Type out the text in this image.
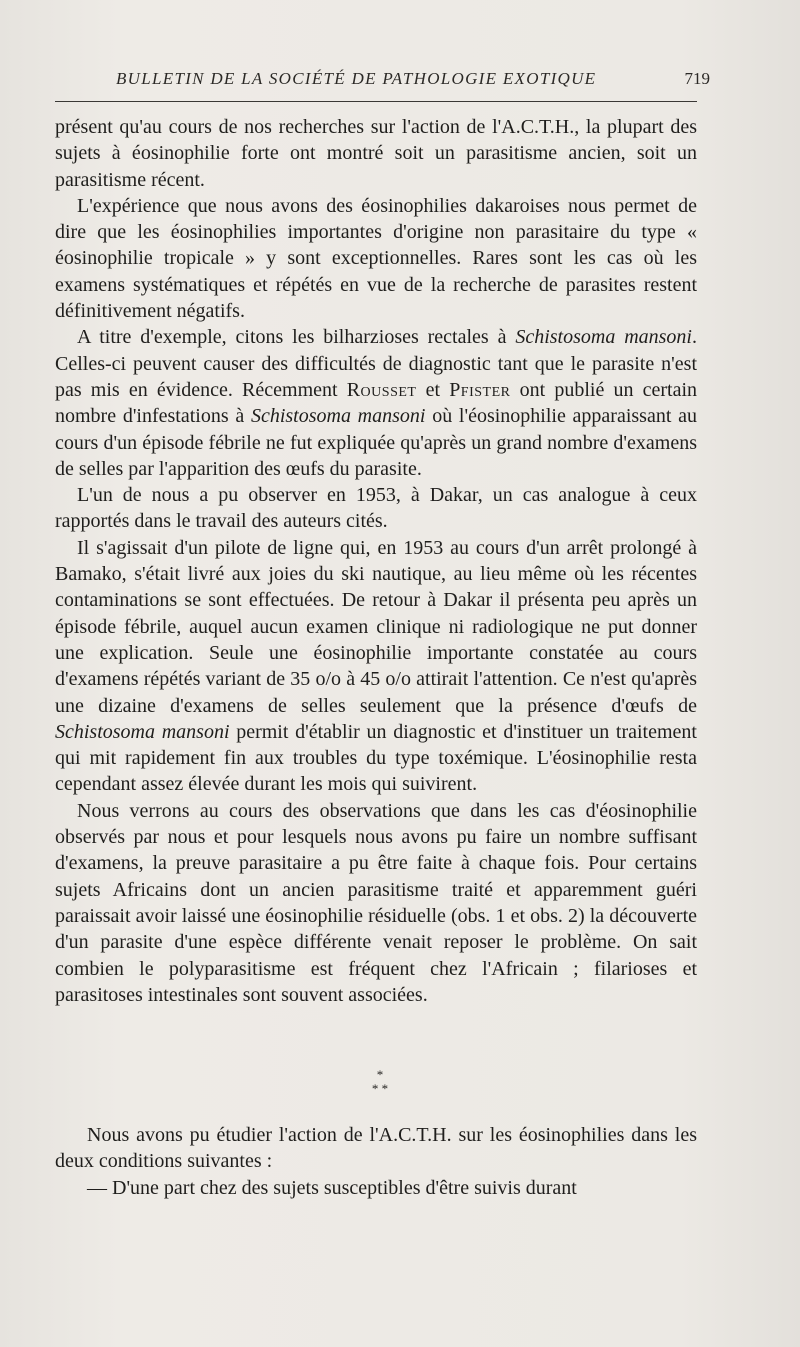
BULLETIN DE LA SOCIÉTÉ DE PATHOLOGIE EXOTIQUE	719

présent qu'au cours de nos recherches sur l'action de l'A.C.T.H., la plupart des sujets à éosinophilie forte ont montré soit un parasitisme ancien, soit un parasitisme récent.

L'expérience que nous avons des éosinophilies dakaroises nous permet de dire que les éosinophilies importantes d'origine non parasitaire du type « éosinophilie tropicale » y sont exceptionnelles. Rares sont les cas où les examens systématiques et répétés en vue de la recherche de parasites restent définitivement négatifs.

A titre d'exemple, citons les bilharzioses rectales à Schistosoma mansoni. Celles-ci peuvent causer des difficultés de diagnostic tant que le parasite n'est pas mis en évidence. Récemment Rousset et Pfister ont publié un certain nombre d'infestations à Schistosoma mansoni où l'éosinophilie apparaissant au cours d'un épisode fébrile ne fut expliquée qu'après un grand nombre d'examens de selles par l'apparition des œufs du parasite.

L'un de nous a pu observer en 1953, à Dakar, un cas analogue à ceux rapportés dans le travail des auteurs cités.

Il s'agissait d'un pilote de ligne qui, en 1953 au cours d'un arrêt prolongé à Bamako, s'était livré aux joies du ski nautique, au lieu même où les récentes contaminations se sont effectuées. De retour à Dakar il présenta peu après un épisode fébrile, auquel aucun examen clinique ni radiologique ne put donner une explication. Seule une éosinophilie importante constatée au cours d'examens répétés variant de 35 o/o à 45 o/o attirait l'attention. Ce n'est qu'après une dizaine d'examens de selles seulement que la présence d'œufs de Schistosoma mansoni permit d'établir un diagnostic et d'instituer un traitement qui mit rapidement fin aux troubles du type toxémique. L'éosinophilie resta cependant assez élevée durant les mois qui suivirent.

Nous verrons au cours des observations que dans les cas d'éosinophilie observés par nous et pour lesquels nous avons pu faire un nombre suffisant d'examens, la preuve parasitaire a pu être faite à chaque fois. Pour certains sujets Africains dont un ancien parasitisme traité et apparemment guéri paraissait avoir laissé une éosinophilie résiduelle (obs. 1 et obs. 2) la découverte d'un parasite d'une espèce différente venait reposer le problème. On sait combien le polyparasitisme est fréquent chez l'Africain ; filarioses et parasitoses intestinales sont souvent associées.

*
* *

Nous avons pu étudier l'action de l'A.C.T.H. sur les éosinophilies dans les deux conditions suivantes :

— D'une part chez des sujets susceptibles d'être suivis durant
